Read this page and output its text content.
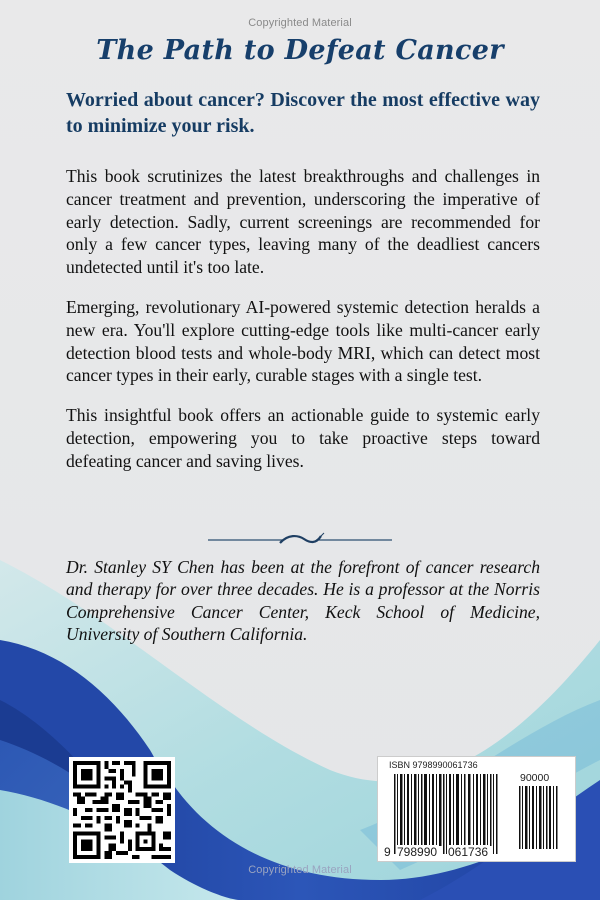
Copyrighted Material
The Path to Defeat Cancer

Worried about cancer? Discover the most effective way to minimize your risk.

This book scrutinizes the latest breakthroughs and challenges in cancer treatment and prevention, underscoring the imperative of early detection. Sadly, current screenings are recommended for only a few cancer types, leaving many of the deadliest cancers undetected until it's too late.

Emerging, revolutionary AI-powered systemic detection heralds a new era. You'll explore cutting-edge tools like multi-cancer early detection blood tests and whole-body MRI, which can detect most cancer types in their early, curable stages with a single test.

This insightful book offers an actionable guide to systemic early detection, empowering you to take proactive steps toward defeating cancer and saving lives.

Dr. Stanley SY Chen has been at the forefront of cancer research and therapy for over three decades. He is a professor at the Norris Comprehensive Cancer Center, Keck School of Medicine, University of Southern California.

ISBN 9798990061736
90000
9 798990 061736
Copyrighted Material
